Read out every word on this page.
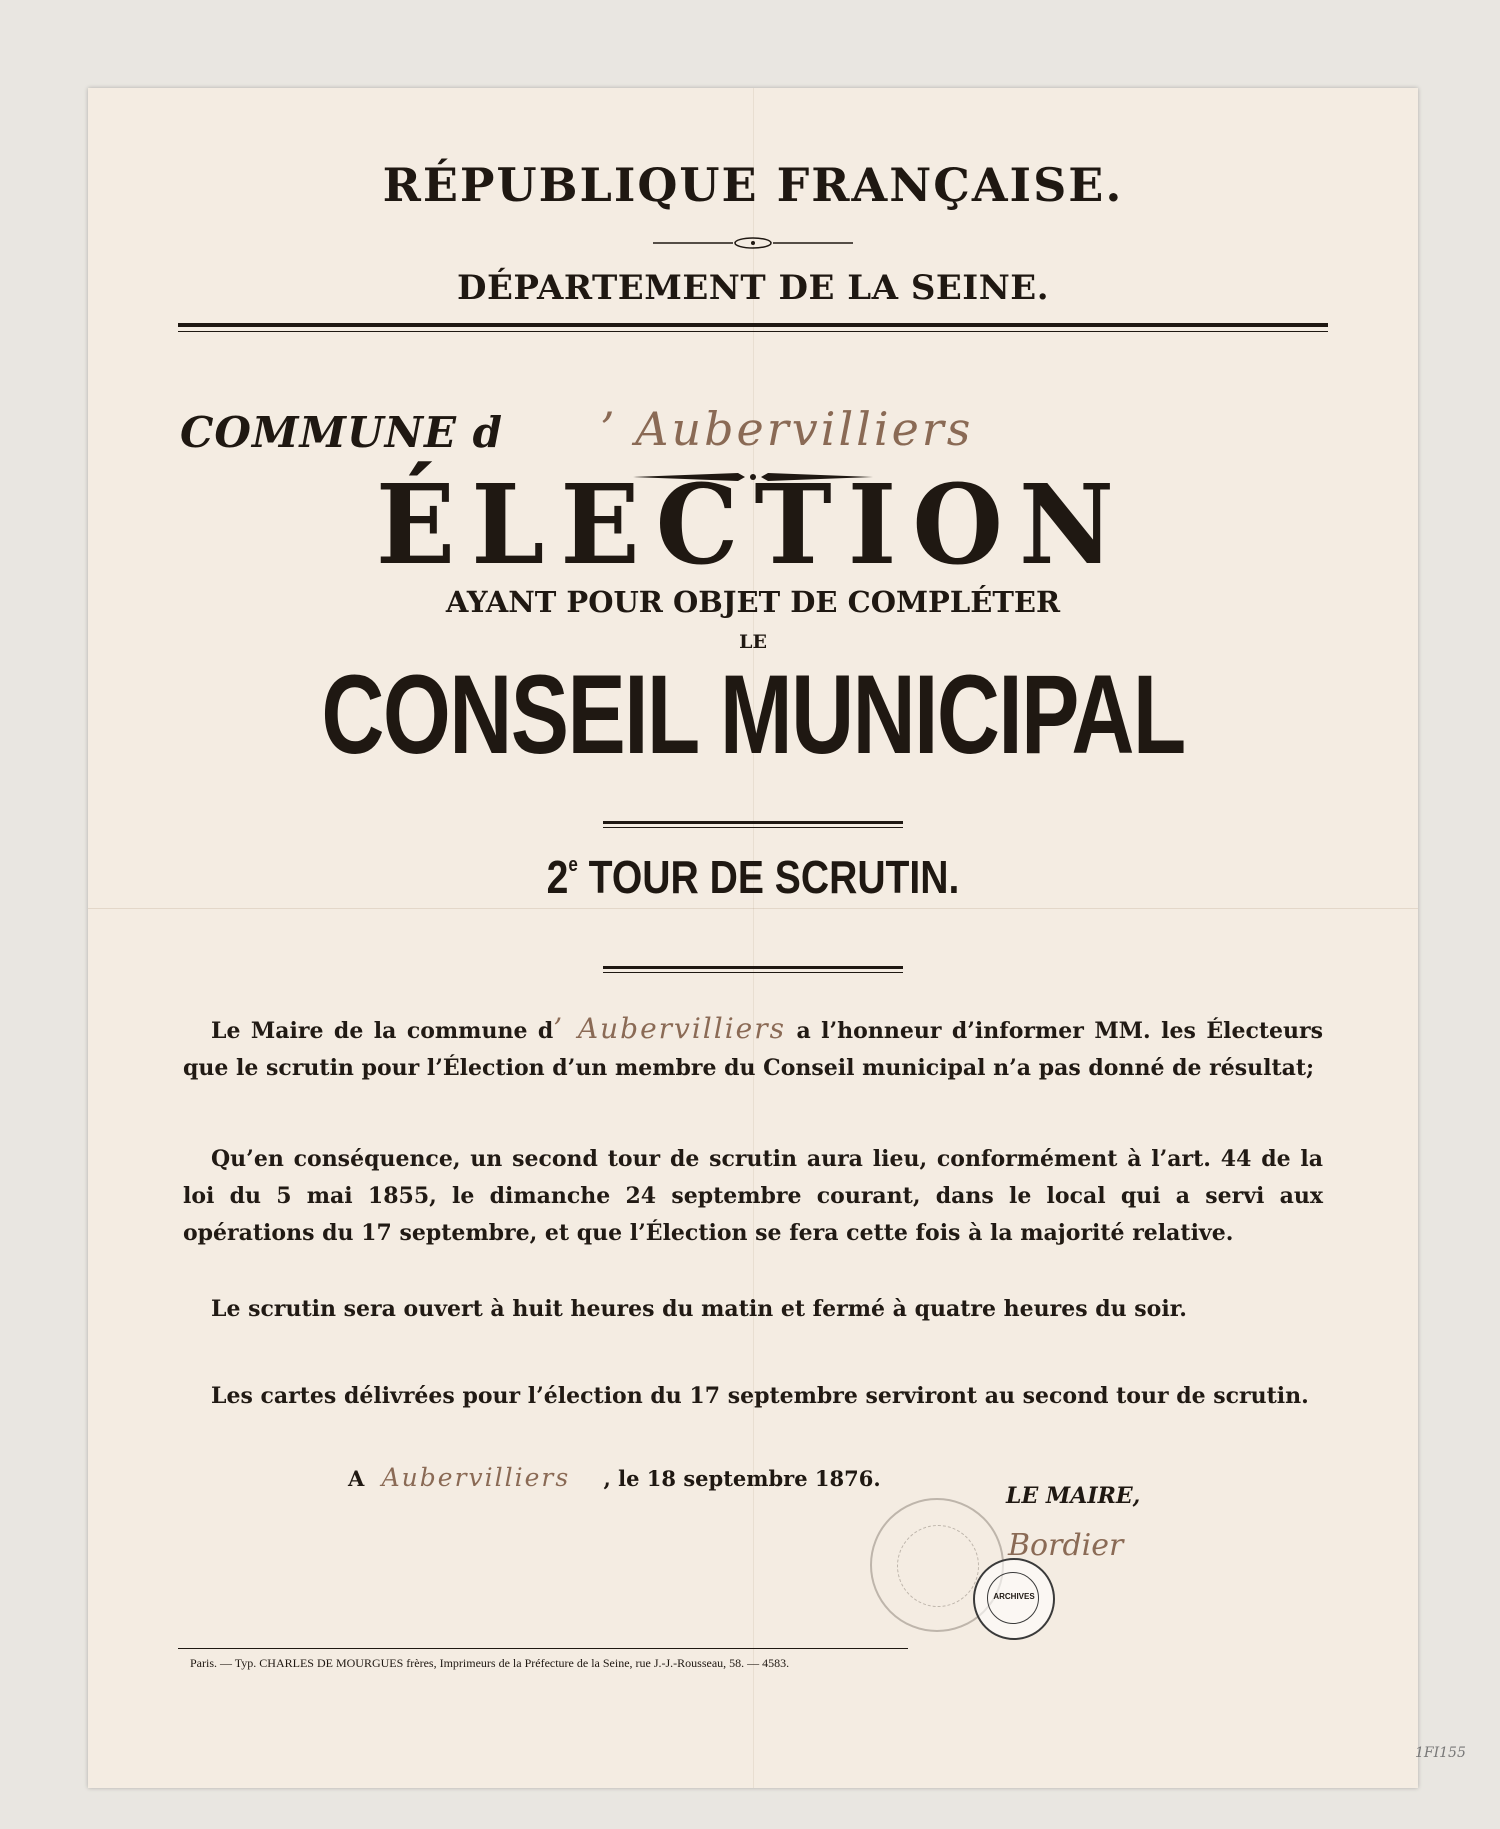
RÉPUBLIQUE FRANÇAISE.
DÉPARTEMENT DE LA SEINE.
COMMUNE d ’ Aubervilliers
ÉLECTION
AYANT POUR OBJET DE COMPLÉTER
LE
CONSEIL MUNICIPAL
2e TOUR DE SCRUTIN.

Le Maire de la commune d’ Aubervilliers a l’honneur d’informer MM. les Électeurs que le scrutin pour l’Élection d’un membre du Conseil municipal n’a pas donné de résultat;

Qu’en conséquence, un second tour de scrutin aura lieu, conformément à l’art. 44 de la loi du 5 mai 1855, le dimanche 24 septembre courant, dans le local qui a servi aux opérations du 17 septembre, et que l’Élection se fera cette fois à la majorité relative.

Le scrutin sera ouvert à huit heures du matin et fermé à quatre heures du soir.

Les cartes délivrées pour l’élection du 17 septembre serviront au second tour de scrutin.

A Aubervilliers , le 18 septembre 1876.
LE MAIRE,
Bordier
ARCHIVES
Paris. — Typ. CHARLES DE MOURGUES frères, Imprimeurs de la Préfecture de la Seine, rue J.-J.-Rousseau, 58. — 4583.
1FI155
